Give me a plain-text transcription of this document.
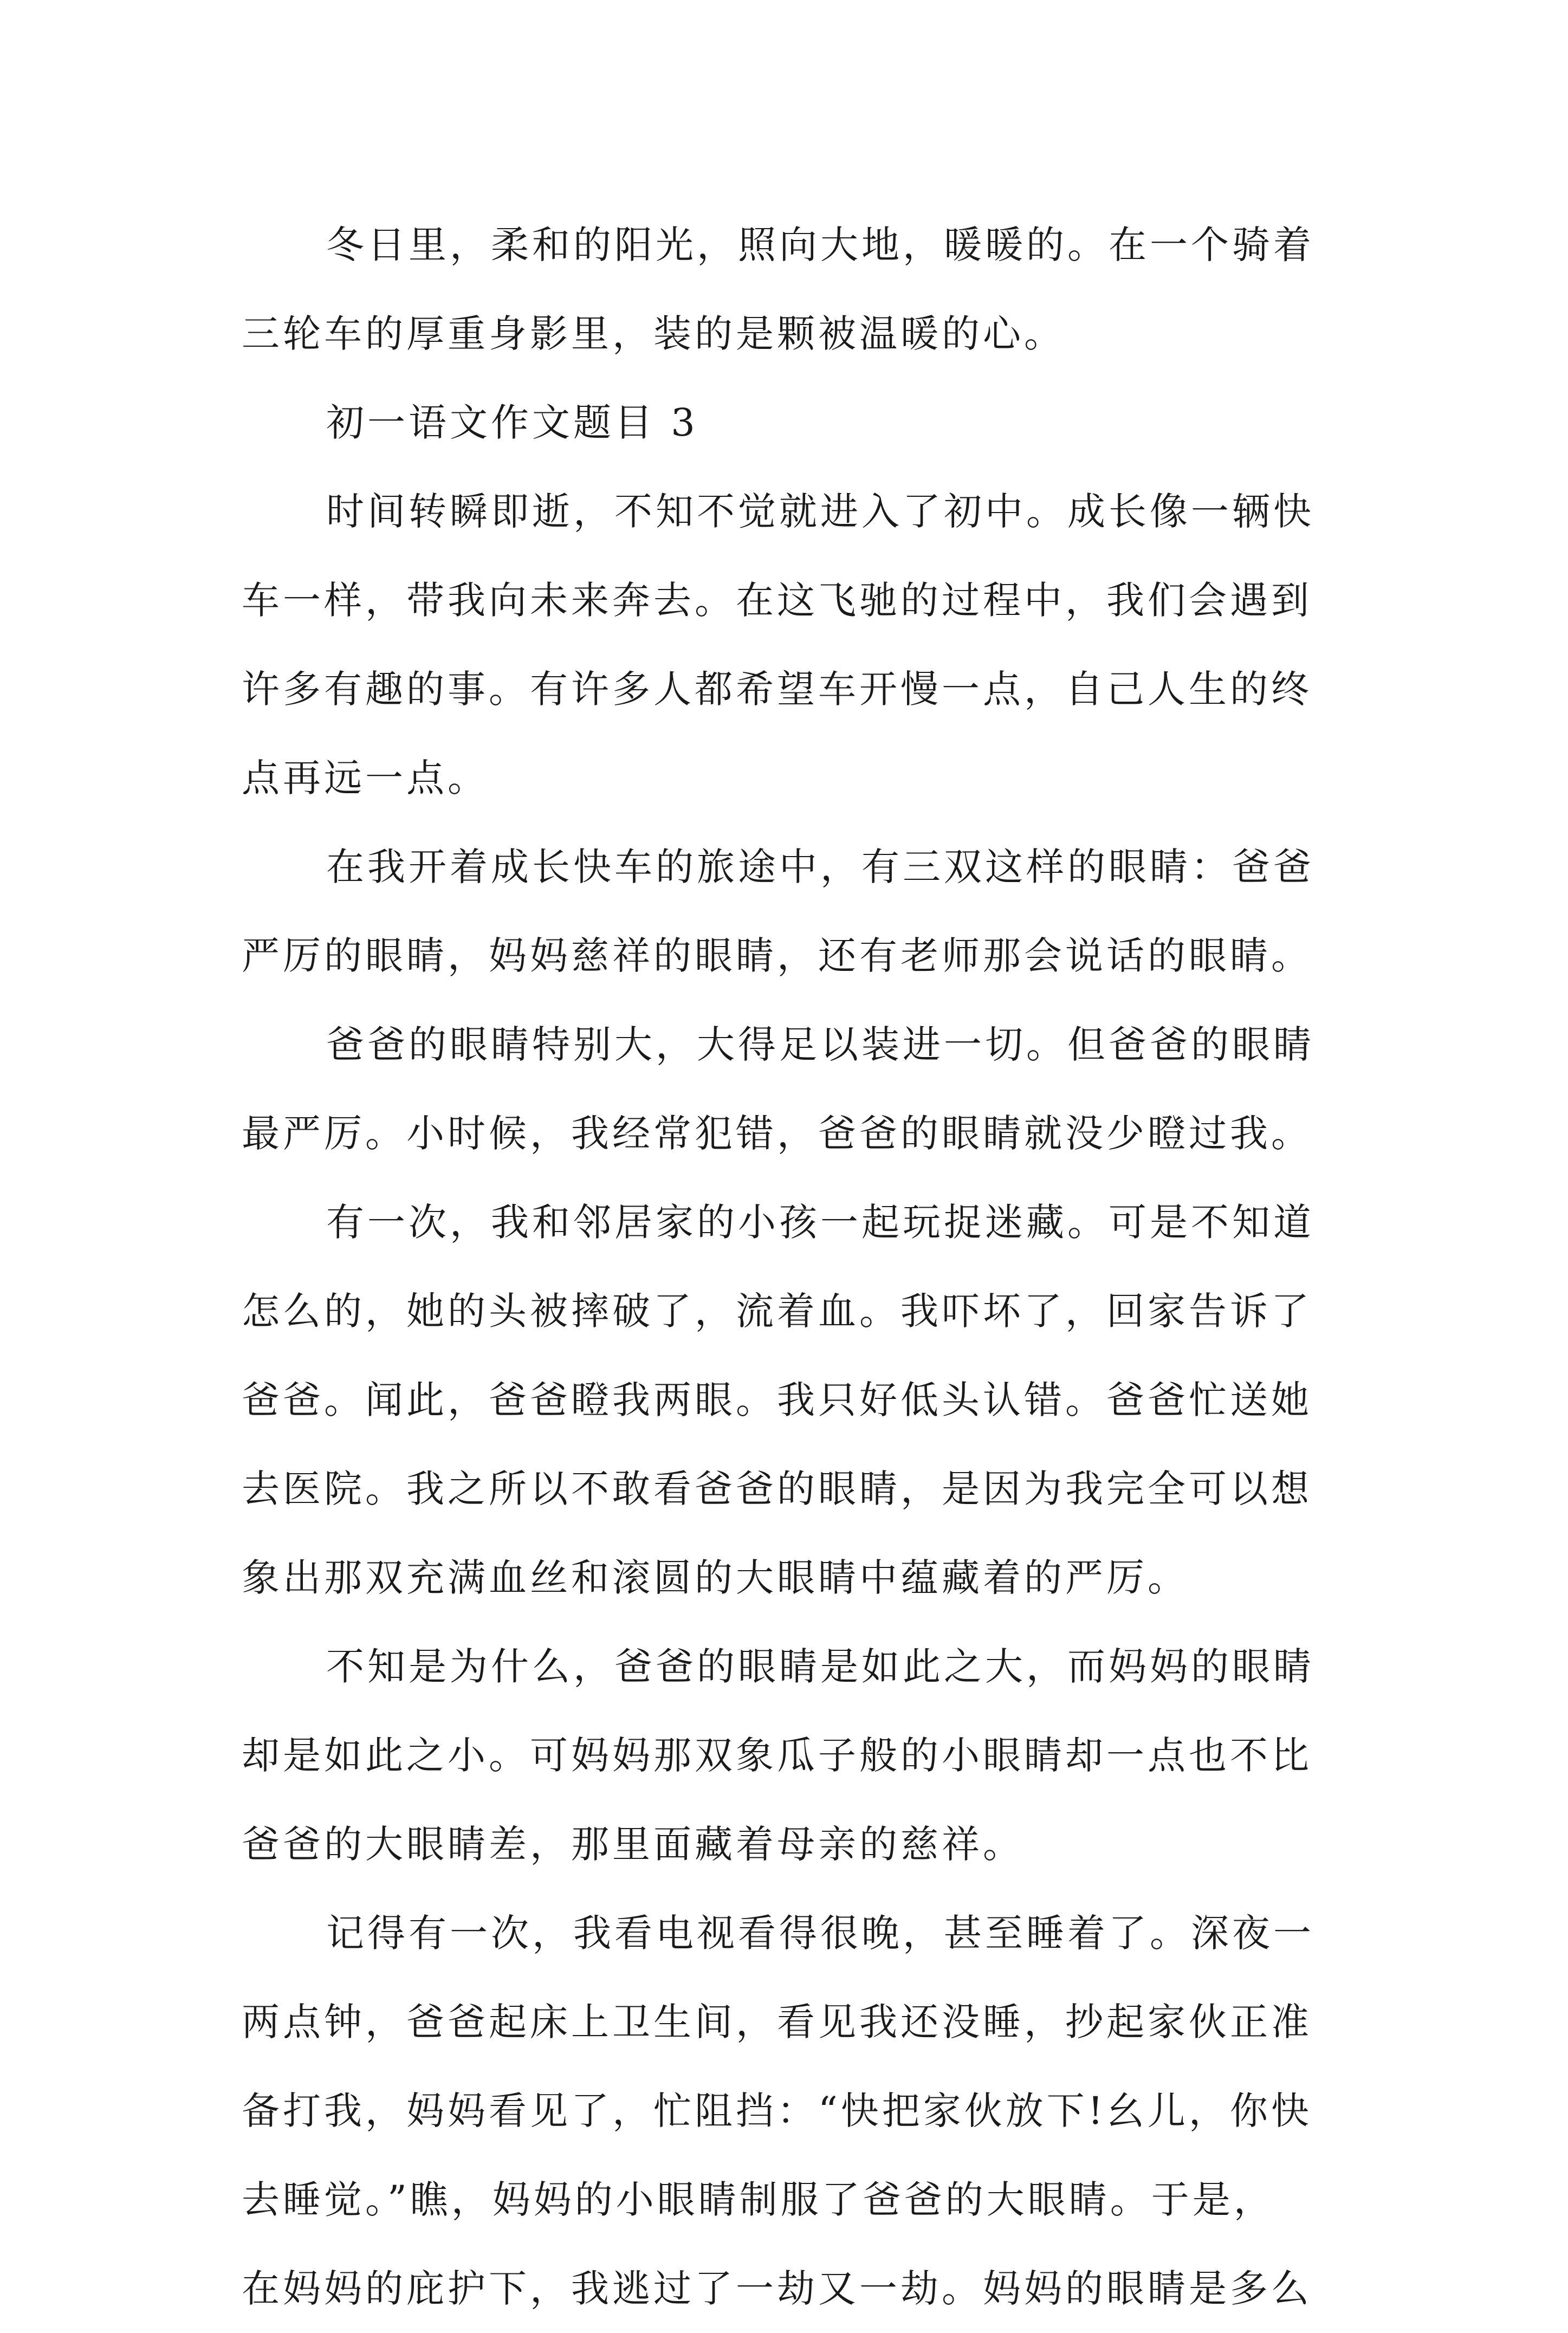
冬日里，柔和的阳光，照向大地，暖暖的。在一个骑着
三轮车的厚重身影里，装的是颗被温暖的心。
初一语文作文题目 3
时间转瞬即逝，不知不觉就进入了初中。成长像一辆快
车一样，带我向未来奔去。在这飞驰的过程中，我们会遇到
许多有趣的事。有许多人都希望车开慢一点，自己人生的终
点再远一点。
在我开着成长快车的旅途中，有三双这样的眼睛：爸爸
严厉的眼睛，妈妈慈祥的眼睛，还有老师那会说话的眼睛。
爸爸的眼睛特别大，大得足以装进一切。但爸爸的眼睛
最严厉。小时候，我经常犯错，爸爸的眼睛就没少瞪过我。
有一次，我和邻居家的小孩一起玩捉迷藏。可是不知道
怎么的，她的头被摔破了，流着血。我吓坏了，回家告诉了
爸爸。闻此，爸爸瞪我两眼。我只好低头认错。爸爸忙送她
去医院。我之所以不敢看爸爸的眼睛，是因为我完全可以想
象出那双充满血丝和滚圆的大眼睛中蕴藏着的严厉。
不知是为什么，爸爸的眼睛是如此之大，而妈妈的眼睛
却是如此之小。可妈妈那双象瓜子般的小眼睛却一点也不比
爸爸的大眼睛差，那里面藏着母亲的慈祥。
记得有一次，我看电视看得很晚，甚至睡着了。深夜一
两点钟，爸爸起床上卫生间，看见我还没睡，抄起家伙正准
备打我，妈妈看见了，忙阻挡：“快把家伙放下!幺儿，你快
去睡觉。”瞧，妈妈的小眼睛制服了爸爸的大眼睛。于是，
在妈妈的庇护下，我逃过了一劫又一劫。妈妈的眼睛是多么
